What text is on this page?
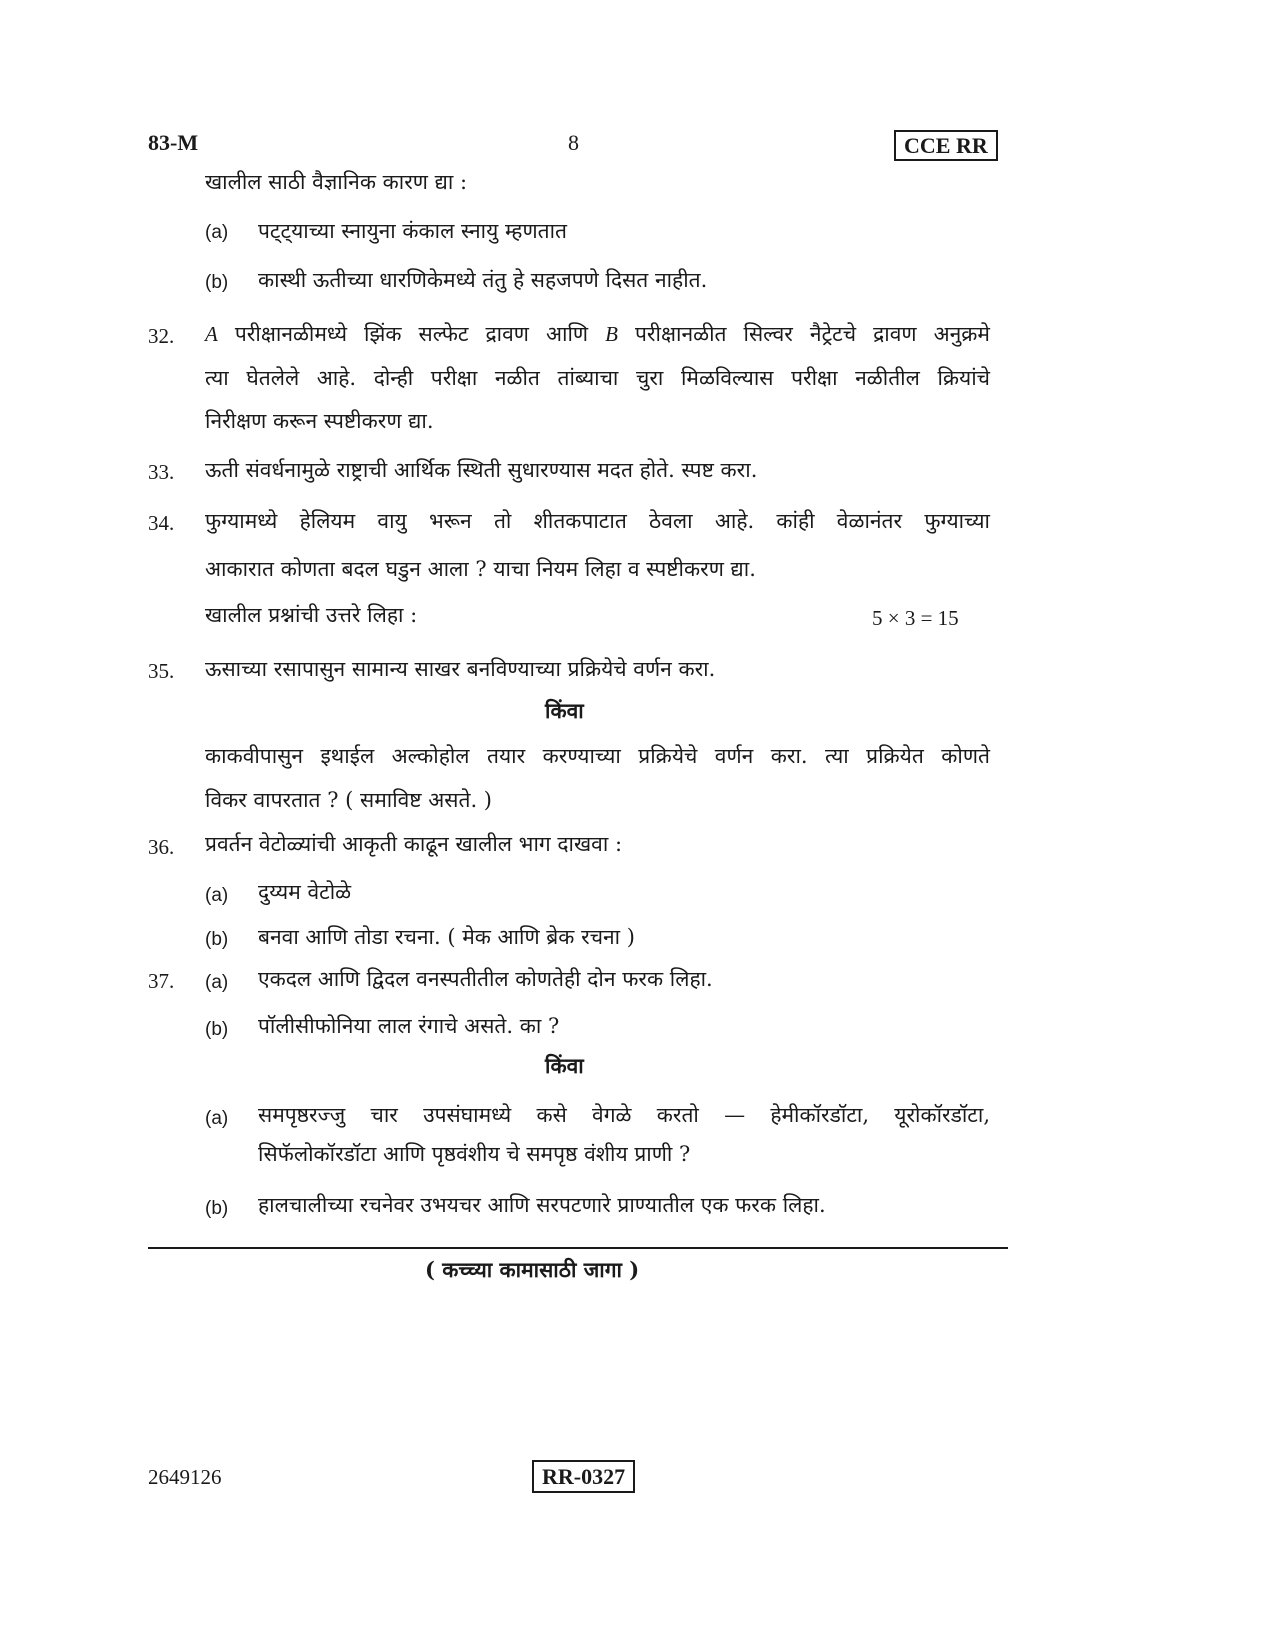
83-M	8	CCE RR
खालील साठी वैज्ञानिक कारण द्या :
(a) पट्ट्याच्या स्नायुना कंकाल स्नायु म्हणतात
(b) कास्थी ऊतीच्या धारणिकेमध्ये तंतु हे सहजपणे दिसत नाहीत.
32. A परीक्षानळीमध्ये झिंक सल्फेट द्रावण आणि B परीक्षानळीत सिल्वर नैट्रेटचे द्रावण अनुक्रमे
त्या घेतलेले आहे. दोन्ही परीक्षा नळीत तांब्याचा चुरा मिळविल्यास परीक्षा नळीतील क्रियांचे
निरीक्षण करून स्पष्टीकरण द्या.
33. ऊती संवर्धनामुळे राष्ट्राची आर्थिक स्थिती सुधारण्यास मदत होते. स्पष्ट करा.
34. फुग्यामध्ये हेलियम वायु भरून तो शीतकपाटात ठेवला आहे. कांही वेळानंतर फुग्याच्या
आकारात कोणता बदल घडुन आला ? याचा नियम लिहा व स्पष्टीकरण द्या.
खालील प्रश्नांची उत्तरे लिहा :	5 × 3 = 15
35. ऊसाच्या रसापासुन सामान्य साखर बनविण्याच्या प्रक्रियेचे वर्णन करा.
किंवा
काकवीपासुन इथाईल अल्कोहोल तयार करण्याच्या प्रक्रियेचे वर्णन करा. त्या प्रक्रियेत कोणते
विकर वापरतात ? ( समाविष्ट असते. )
36. प्रवर्तन वेटोळ्यांची आकृती काढून खालील भाग दाखवा :
(a) दुय्यम वेटोळे
(b) बनवा आणि तोडा रचना. ( मेक आणि ब्रेक रचना )
37. (a) एकदल आणि द्विदल वनस्पतीतील कोणतेही दोन फरक लिहा.
(b) पॉलीसीफोनिया लाल रंगाचे असते. का ?
किंवा
(a) समपृष्ठरज्जु चार उपसंघामध्ये कसे वेगळे करतो — हेमीकॉरडॉटा, यूरोकॉरडॉटा,
सिफॅलोकॉरडॉटा आणि पृष्ठवंशीय चे समपृष्ठ वंशीय प्राणी ?
(b) हालचालीच्या रचनेवर उभयचर आणि सरपटणारे प्राण्यातील एक फरक लिहा.
( कच्च्या कामासाठी जागा )
2649126	RR-0327
